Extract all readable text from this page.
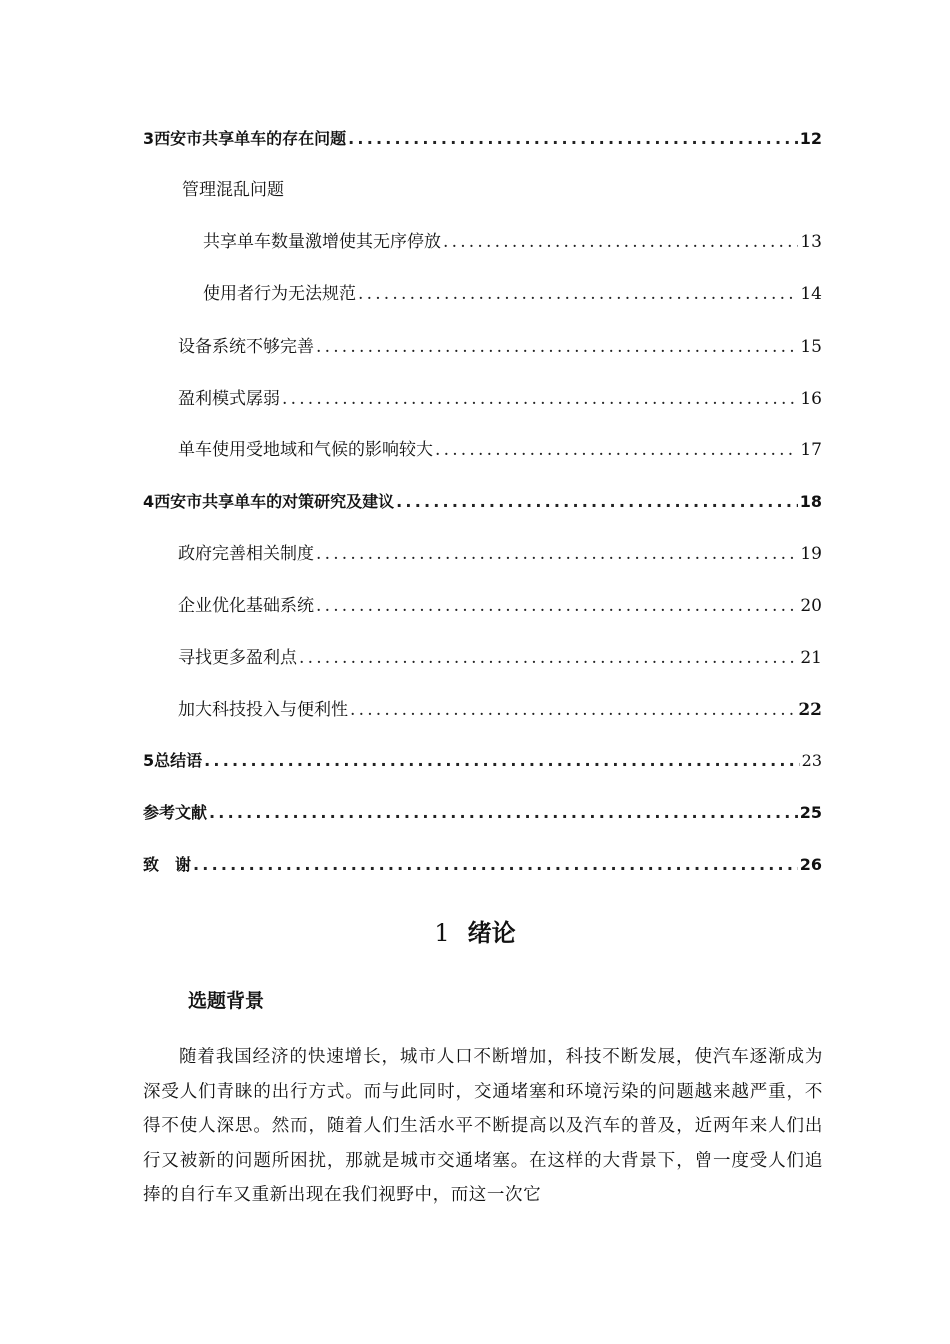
3 西安市共享单车的存在问题 .....	12
管理混乱问题
共享单车数量激增使其无序停放 .....	13
使用者行为无法规范 .....	14
设备系统不够完善 .....	15
盈利模式孱弱 .....	16
单车使用受地域和气候的影响较大 .....	17
4 西安市共享单车的对策研究及建议 .....	18
政府完善相关制度 .....	19
企业优化基础系统 .....	20
寻找更多盈利点 .....	21
加大科技投入与便利性 .....	22
5 总结语 .....	23
参考文献 .....	25
致　谢 .....	26
1 绪论
选题背景

随着我国经济的快速增长，城市人口不断增加，科技不断发展，使汽车逐渐成为深受人们青睐的出行方式。而与此同时，交通堵塞和环境污染的问题越来越严重，不得不使人深思。然而，随着人们生活水平不断提高以及汽车的普及，近两年来人们出行又被新的问题所困扰，那就是城市交通堵塞。在这样的大背景下，曾一度受人们追捧的自行车又重新出现在我们视野中，而这一次它
